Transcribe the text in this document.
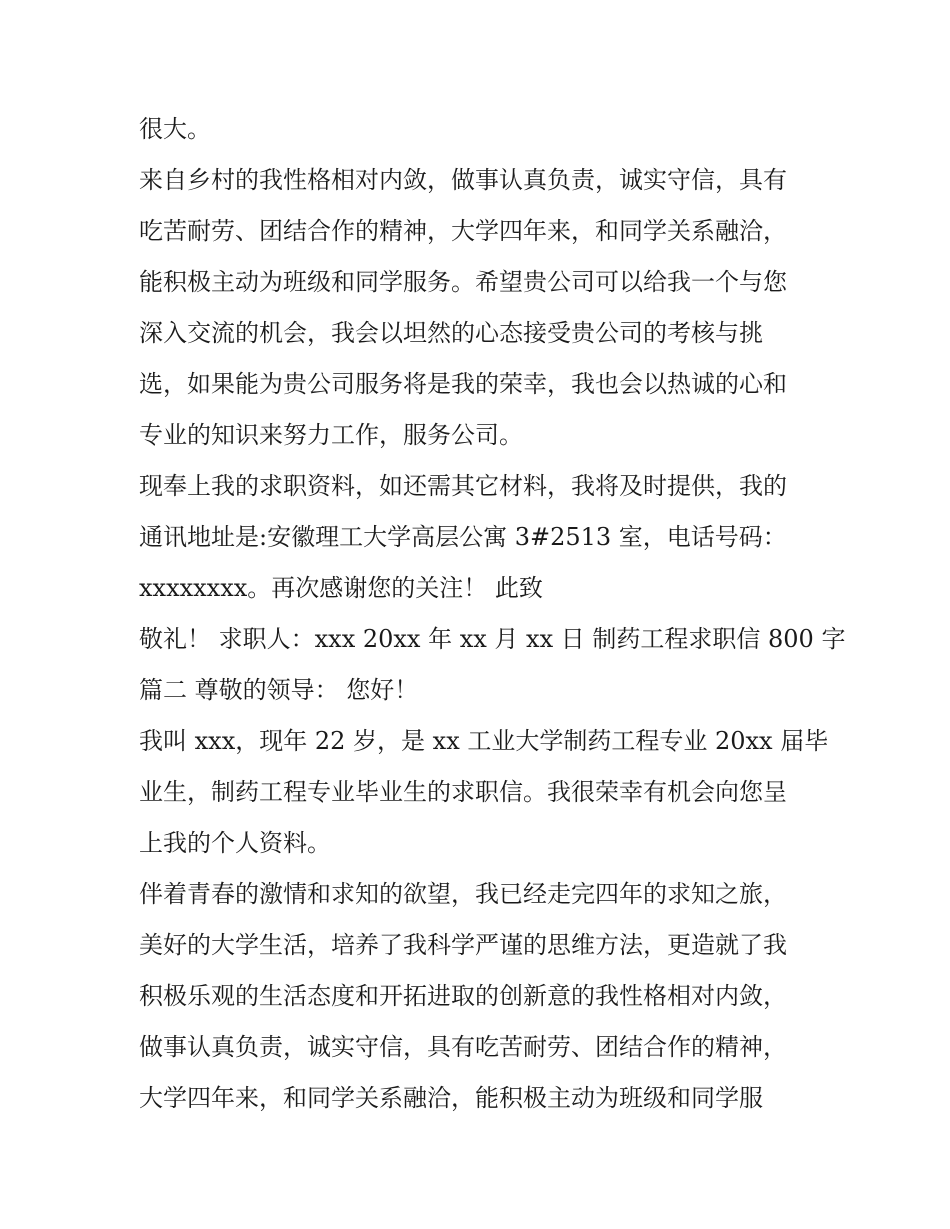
很大。
来自乡村的我性格相对内敛，做事认真负责，诚实守信，具有
吃苦耐劳、团结合作的精神，大学四年来，和同学关系融洽，
能积极主动为班级和同学服务。希望贵公司可以给我一个与您
深入交流的机会，我会以坦然的心态接受贵公司的考核与挑
选，如果能为贵公司服务将是我的荣幸，我也会以热诚的心和
专业的知识来努力工作，服务公司。
现奉上我的求职资料，如还需其它材料，我将及时提供，我的
通讯地址是:安徽理工大学高层公寓 3#2513 室，电话号码：
xxxxxxxx。再次感谢您的关注！ 此致
敬礼！ 求职人：xxx 20xx 年 xx 月 xx 日 制药工程求职信 800 字
篇二 尊敬的领导： 您好！
我叫 xxx，现年 22 岁，是 xx 工业大学制药工程专业 20xx 届毕
业生，制药工程专业毕业生的求职信。我很荣幸有机会向您呈
上我的个人资料。
伴着青春的激情和求知的欲望，我已经走完四年的求知之旅，
美好的大学生活，培养了我科学严谨的思维方法，更造就了我
积极乐观的生活态度和开拓进取的创新意的我性格相对内敛，
做事认真负责，诚实守信，具有吃苦耐劳、团结合作的精神，
大学四年来，和同学关系融洽，能积极主动为班级和同学服
